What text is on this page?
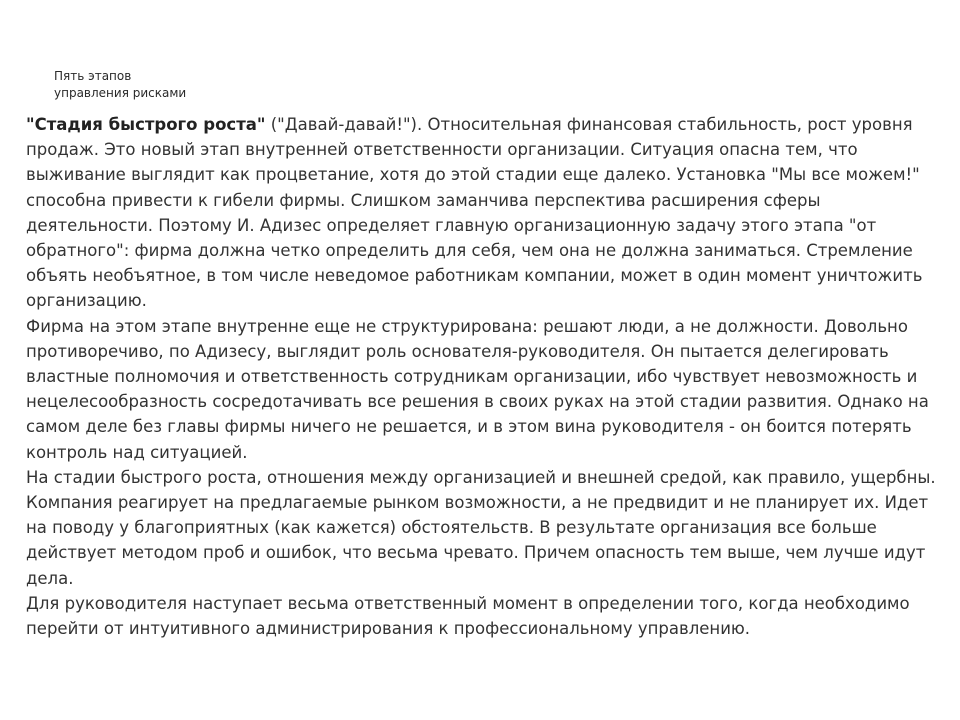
Пять этапов
управления рисками

"Стадия быстрого роста" ("Давай-давай!"). Относительная финансовая стабильность, рост уровня продаж. Это новый этап внутренней ответственности организации. Ситуация опасна тем, что выживание выглядит как процветание, хотя до этой стадии еще далеко. Установка "Мы все можем!" способна привести к гибели фирмы. Слишком заманчива перспектива расширения сферы деятельности. Поэтому И. Адизес определяет главную организационную задачу этого этапа "от обратного": фирма должна четко определить для себя, чем она не должна заниматься. Стремление объять необъятное, в том числе неведомое работникам компании, может в один момент уничтожить организацию.

Фирма на этом этапе внутренне еще не структурирована: решают люди, а не должности. Довольно противоречиво, по Адизесу, выглядит роль основателя-руководителя. Он пытается делегировать властные полномочия и ответственность сотрудникам организации, ибо чувствует невозможность и нецелесообразность сосредотачивать все решения в своих руках на этой стадии развития. Однако на самом деле без главы фирмы ничего не решается, и в этом вина руководителя - он боится потерять контроль над ситуацией.

На стадии быстрого роста, отношения между организацией и внешней средой, как правило, ущербны. Компания реагирует на предлагаемые рынком возможности, а не предвидит и не планирует их. Идет на поводу у благоприятных (как кажется) обстоятельств. В результате организация все больше действует методом проб и ошибок, что весьма чревато. Причем опасность тем выше, чем лучше идут дела.

Для руководителя наступает весьма ответственный момент в определении того, когда необходимо перейти от интуитивного администрирования к профессиональному управлению.
